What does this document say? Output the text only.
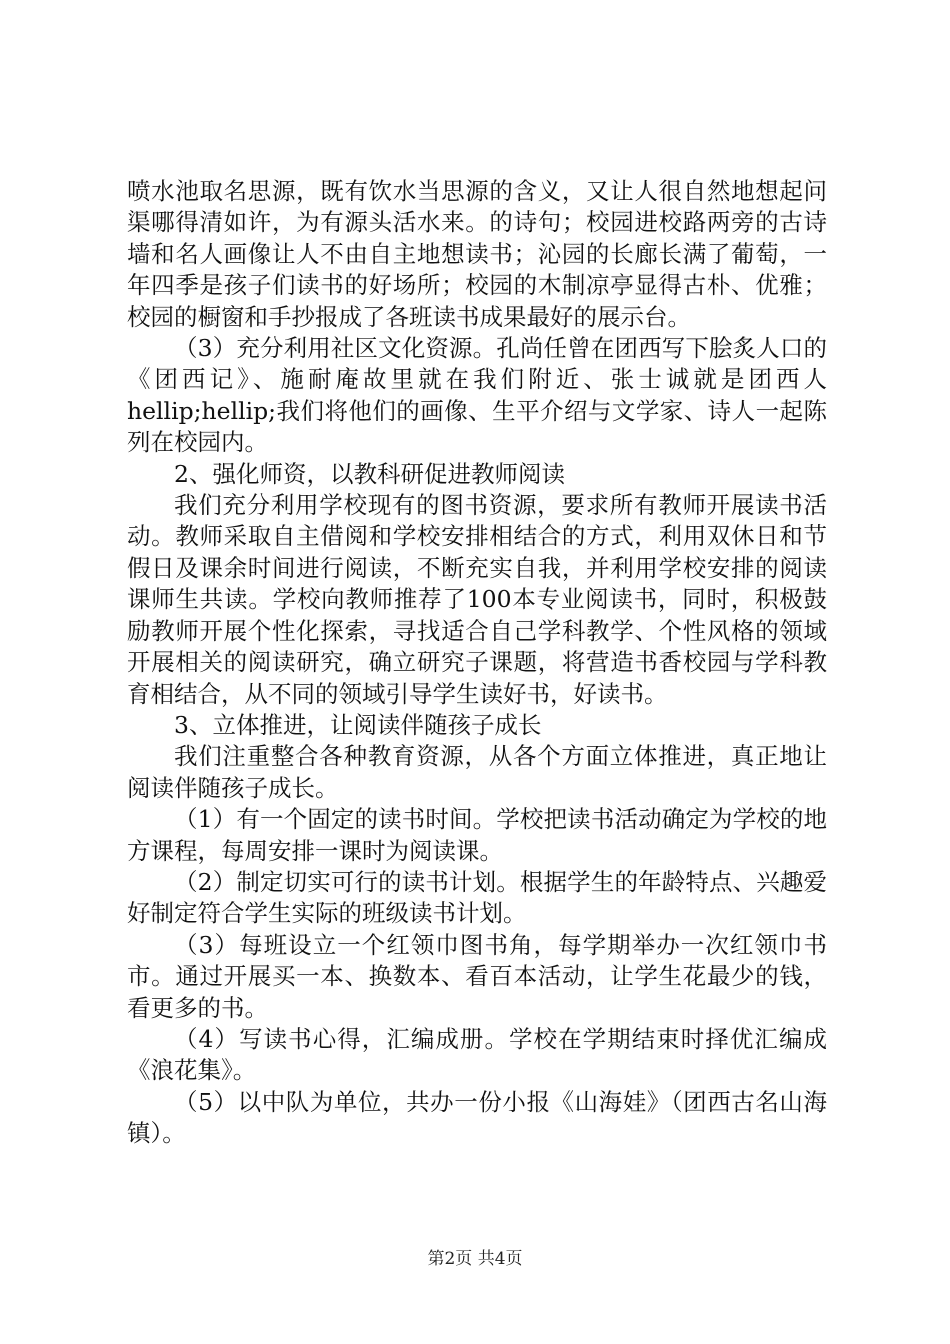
喷水池取名思源，既有饮水当思源的含义，又让人很自然地想起问渠哪得清如许，为有源头活水来。的诗句；校园进校路两旁的古诗墙和名人画像让人不由自主地想读书；沁园的长廊长满了葡萄，一年四季是孩子们读书的好场所；校园的木制凉亭显得古朴、优雅；校园的橱窗和手抄报成了各班读书成果最好的展示台。

（3）充分利用社区文化资源。孔尚任曾在团西写下脍炙人口的《团西记》、施耐庵故里就在我们附近、张士诚就是团西人hellip;hellip;我们将他们的画像、生平介绍与文学家、诗人一起陈列在校园内。

2、强化师资，以教科研促进教师阅读

我们充分利用学校现有的图书资源，要求所有教师开展读书活动。教师采取自主借阅和学校安排相结合的方式，利用双休日和节假日及课余时间进行阅读，不断充实自我，并利用学校安排的阅读课师生共读。学校向教师推荐了100本专业阅读书，同时，积极鼓励教师开展个性化探索，寻找适合自己学科教学、个性风格的领域开展相关的阅读研究，确立研究子课题，将营造书香校园与学科教育相结合，从不同的领域引导学生读好书，好读书。

3、立体推进，让阅读伴随孩子成长

我们注重整合各种教育资源，从各个方面立体推进，真正地让阅读伴随孩子成长。

（1）有一个固定的读书时间。学校把读书活动确定为学校的地方课程，每周安排一课时为阅读课。

（2）制定切实可行的读书计划。根据学生的年龄特点、兴趣爱好制定符合学生实际的班级读书计划。

（3）每班设立一个红领巾图书角，每学期举办一次红领巾书市。通过开展买一本、换数本、看百本活动，让学生花最少的钱，看更多的书。

（4）写读书心得，汇编成册。学校在学期结束时择优汇编成《浪花集》。

（5）以中队为单位，共办一份小报《山海娃》（团西古名山海镇）。

第2页 共4页
